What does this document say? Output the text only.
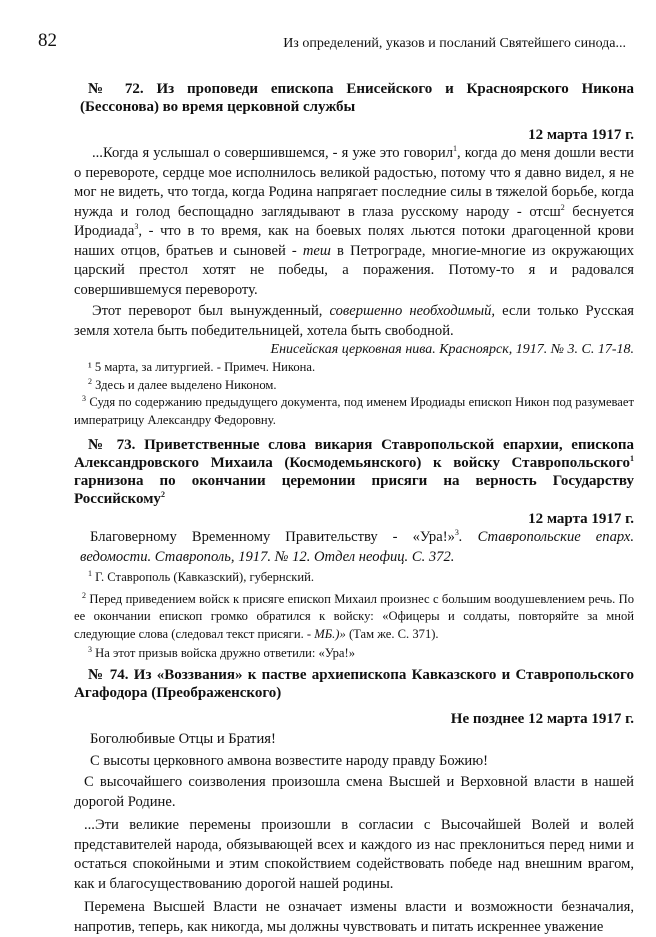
82	Из определений, указов и посланий Святейшего синода...

№ 72. Из проповеди епископа Енисейского и Красноярского Никона (Бессонова) во время церковной службы

12 марта 1917 г.

...Когда я услышал о совершившемся, - я уже это говорил$^1$, когда до меня дошли вести о перевороте, сердце мое исполнилось великой радостью, потому что я давно видел, я не мог не видеть, что тогда, когда Родина напрягает последние силы в тяжелой борьбе, когда нужда и голод беспощадно заглядывают в глаза русскому народу - отсш$^2$ беснуется Иродиада$^3$, - что в то время, как на боевых полях льются потоки драгоценной крови наших отцов, братьев и сыновей - теш в Петрограде, многие-многие из окружающих царский престол хотят не победы, а поражения. Потому-то я и радовался совершившемуся перевороту.

Этот переворот был вынужденный, совершенно необходимый, если только Русская земля хотела быть победительницей, хотела быть свободной.

Енисейская церковная нива. Красноярск, 1917. № 3. С. 17-18.

¹ 5 марта, за литургией. - Примеч. Никона.

$^2$ Здесь и далее выделено Никоном.

$^3$ Судя по содержанию предыдущего документа, под именем Иродиады епископ Никон под разумевает императрицу Александру Федоровну.

№ 73. Приветственные слова викария Ставропольской епархии, епископа Александровского Михаила (Космодемьянского) к войску Ставропольского$^1$ гарнизона по окончании церемонии присяги на верность Государству Российскому$^2$

12 марта 1917 г.

Благоверному Временному Правительству - «Ура!»$^3$. Ставропольские епарх. ведомости. Ставрополь, 1917. № 12. Отдел неофиц. С. 372.

$^1$ Г. Ставрополь (Кавказский), губернский.

$^2$ Перед приведением войск к присяге епископ Михаил произнес с большим воодушевлением речь. По ее окончании епископ громко обратился к войску: «Офицеры и солдаты, повторяйте за мной следующие слова (следовал текст присяги. - МБ.)» (Там же. С. 371).

$^3$ На этот призыв войска дружно ответили: «Ура!»

№ 74. Из «Воззвания» к пастве архиепископа Кавказского и Ставропольского Агафодора (Преображенского)

Не позднее 12 марта 1917 г.

Боголюбивые Отцы и Братия!

С высоты церковного амвона возвестите народу правду Божию!

С высочайшего соизволения произошла смена Высшей и Верховной власти в нашей дорогой Родине.

...Эти великие перемены произошли в согласии с Высочайшей Волей и волей представителей народа, обязывающей всех и каждого из нас преклониться перед ними и остаться спокойными и этим спокойствием содействовать победе над внешним врагом, как и благосуществованию дорогой нашей родины.

Перемена Высшей Власти не означает измены власти и возможности безначалия, напротив, теперь, как никогда, мы должны чувствовать и питать искреннее уважение
